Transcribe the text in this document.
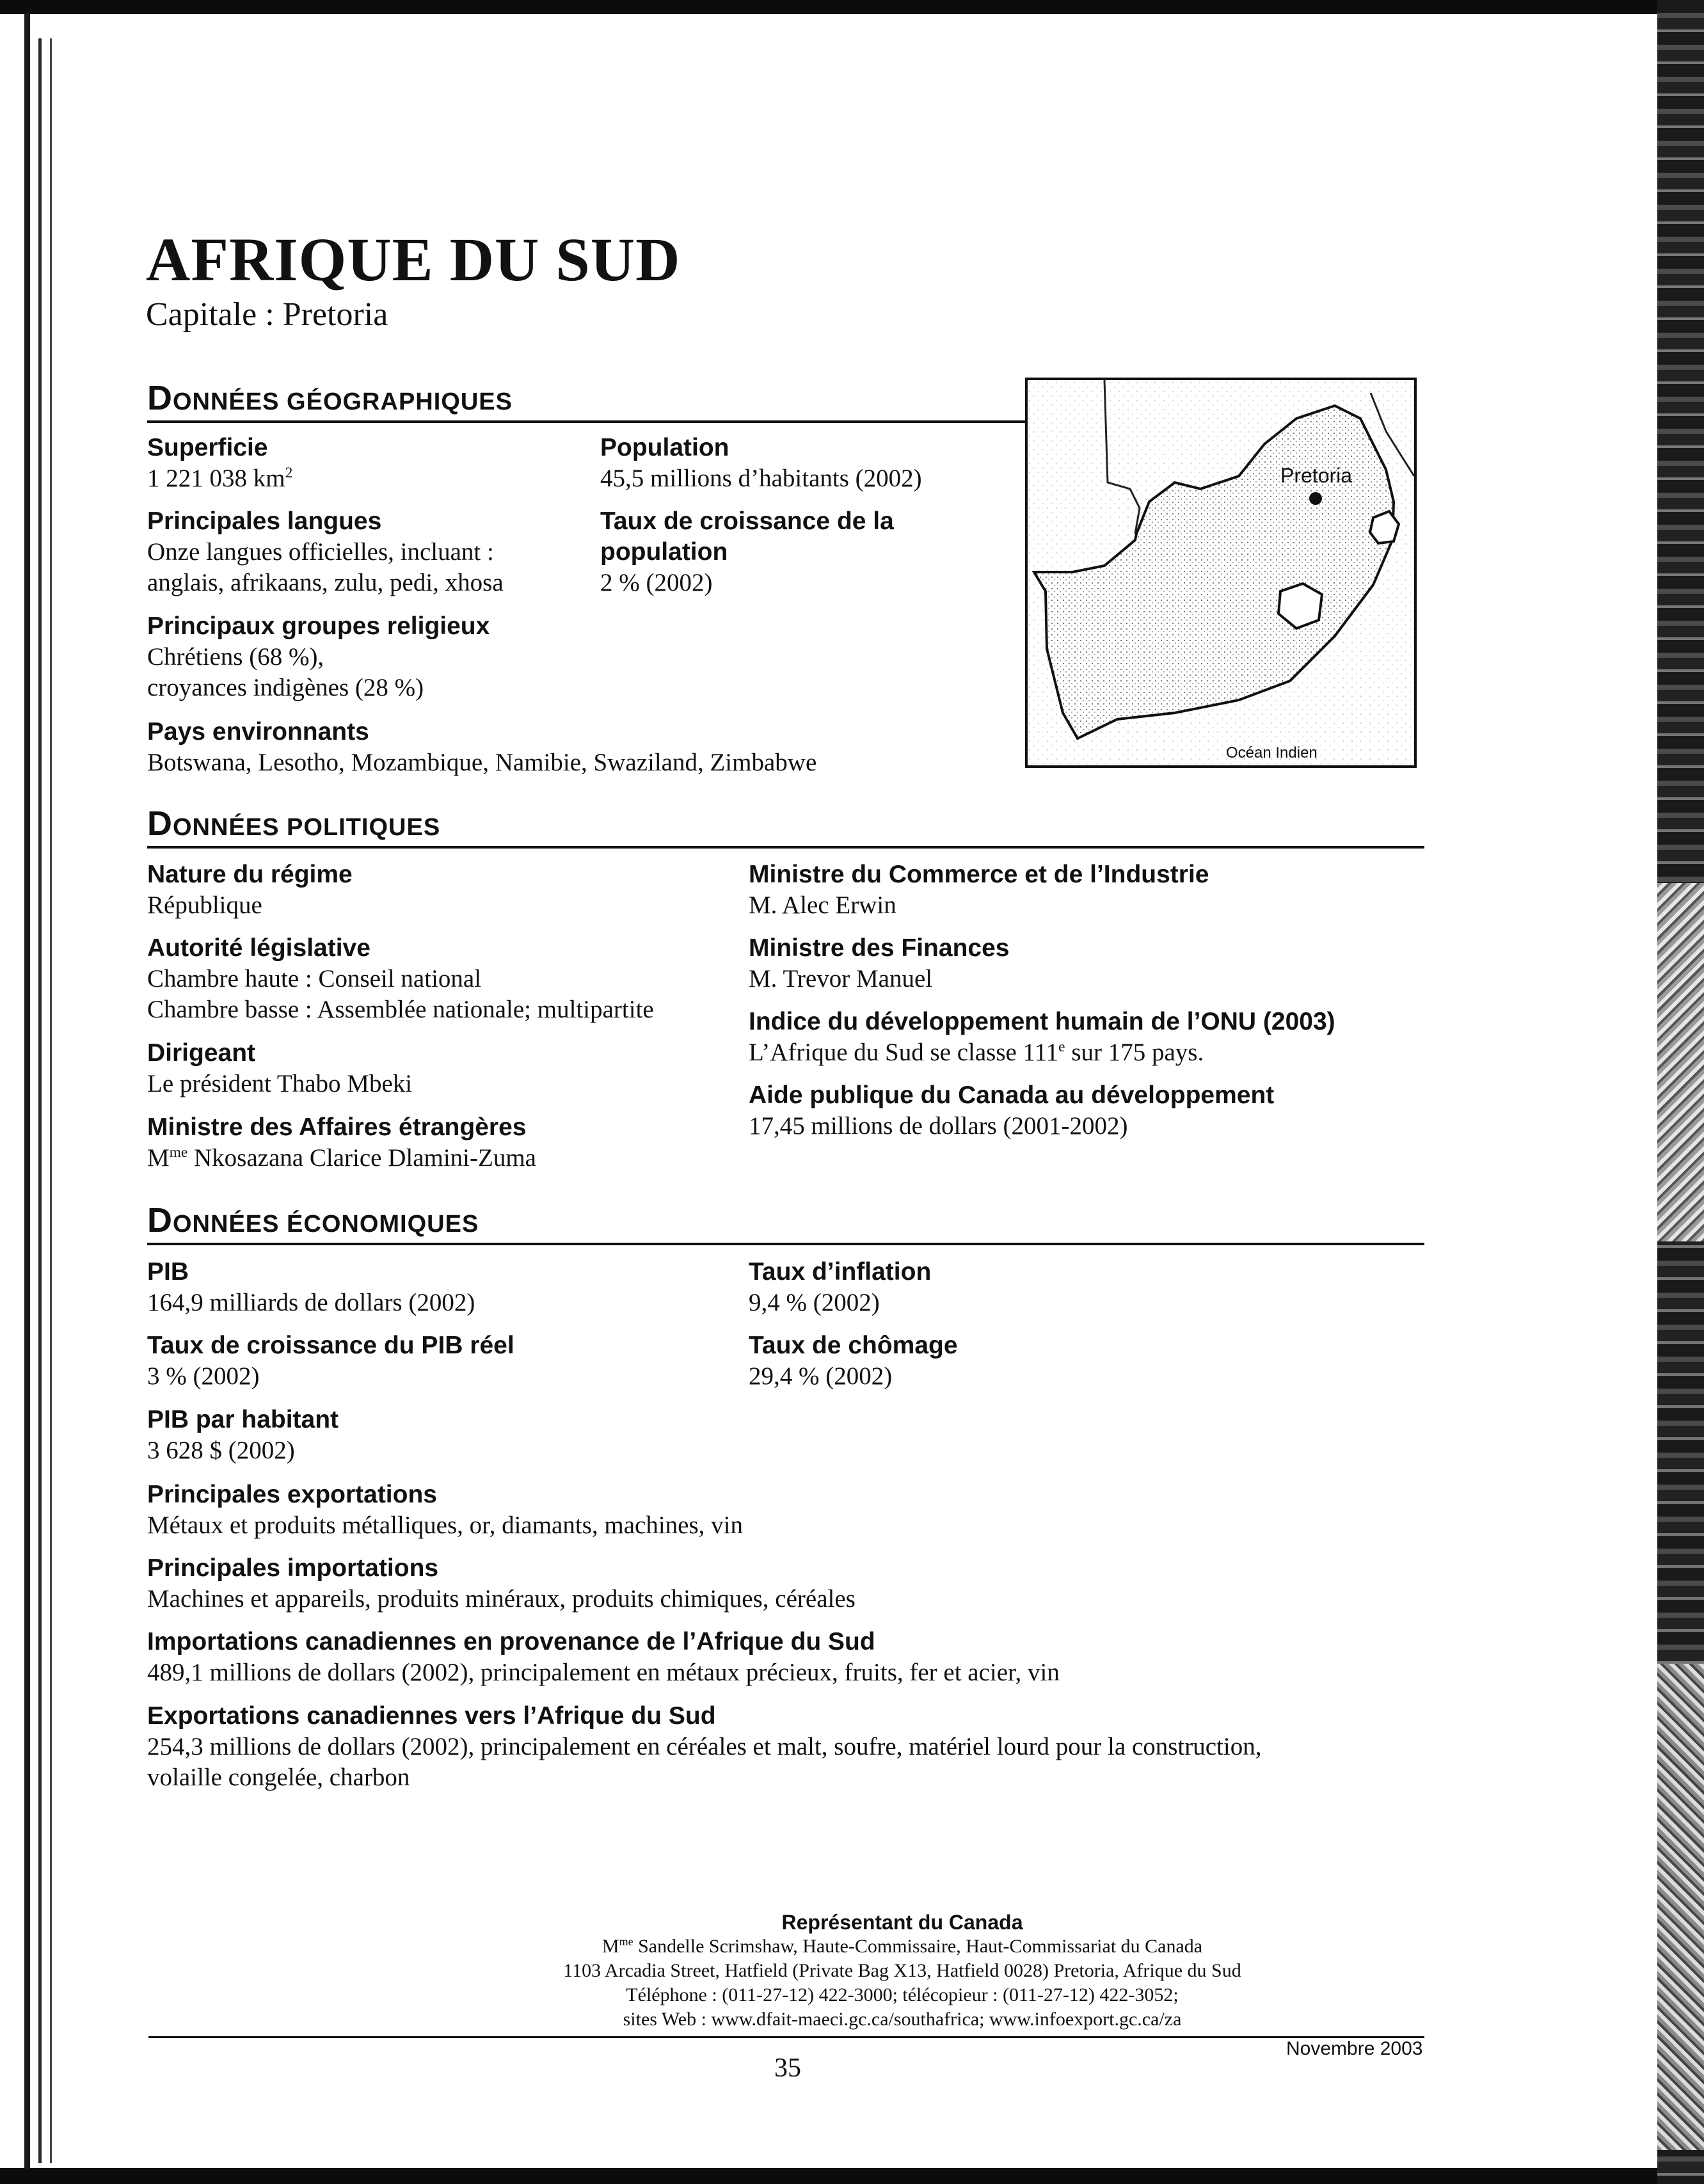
AFRIQUE DU SUD
Capitale : Pretoria
DONNÉES GÉOGRAPHIQUES
Superficie
1 221 038 $km^2$
Population
45,5 millions d’habitants (2002)
Principales langues
Onze langues officielles, incluant :
anglais, afrikaans, zulu, pedi, xhosa
Taux de croissance de la
population
2 % (2002)
Principaux groupes religieux
Chrétiens (68 %),
croyances indigènes (28 %)
Pays environnants
Botswana, Lesotho, Mozambique, Namibie, Swaziland, Zimbabwe
Pretoria
Océan Indien
DONNÉES POLITIQUES
Nature du régime
République
Autorité législative
Chambre haute : Conseil national
Chambre basse : Assemblée nationale; multipartite
Dirigeant
Le président Thabo Mbeki
Ministre des Affaires étrangères
$M^{me}$ Nkosazana Clarice Dlamini-Zuma
Ministre du Commerce et de l’Industrie
M. Alec Erwin
Ministre des Finances
M. Trevor Manuel
Indice du développement humain de l’ONU (2003)
L’Afrique du Sud se classe 111e sur 175 pays.
Aide publique du Canada au développement
17,45 millions de dollars (2001-2002)
DONNÉES ÉCONOMIQUES
PIB
164,9 milliards de dollars (2002)
Taux d’inflation
9,4 % (2002)
Taux de croissance du PIB réel
3 % (2002)
Taux de chômage
29,4 % (2002)
PIB par habitant
3 628 $ (2002)
Principales exportations
Métaux et produits métalliques, or, diamants, machines, vin
Principales importations
Machines et appareils, produits minéraux, produits chimiques, céréales
Importations canadiennes en provenance de l’Afrique du Sud
489,1 millions de dollars (2002), principalement en métaux précieux, fruits, fer et acier, vin
Exportations canadiennes vers l’Afrique du Sud
254,3 millions de dollars (2002), principalement en céréales et malt, soufre, matériel lourd pour la construction,
volaille congelée, charbon
Représentant du Canada
$M^{me}$ Sandelle Scrimshaw, Haute-Commissaire, Haut-Commissariat du Canada
1103 Arcadia Street, Hatfield (Private Bag X13, Hatfield 0028) Pretoria, Afrique du Sud
Téléphone : (011-27-12) 422-3000; télécopieur : (011-27-12) 422-3052;
sites Web : www.dfait-maeci.gc.ca/southafrica; www.infoexport.gc.ca/za
35
Novembre 2003
